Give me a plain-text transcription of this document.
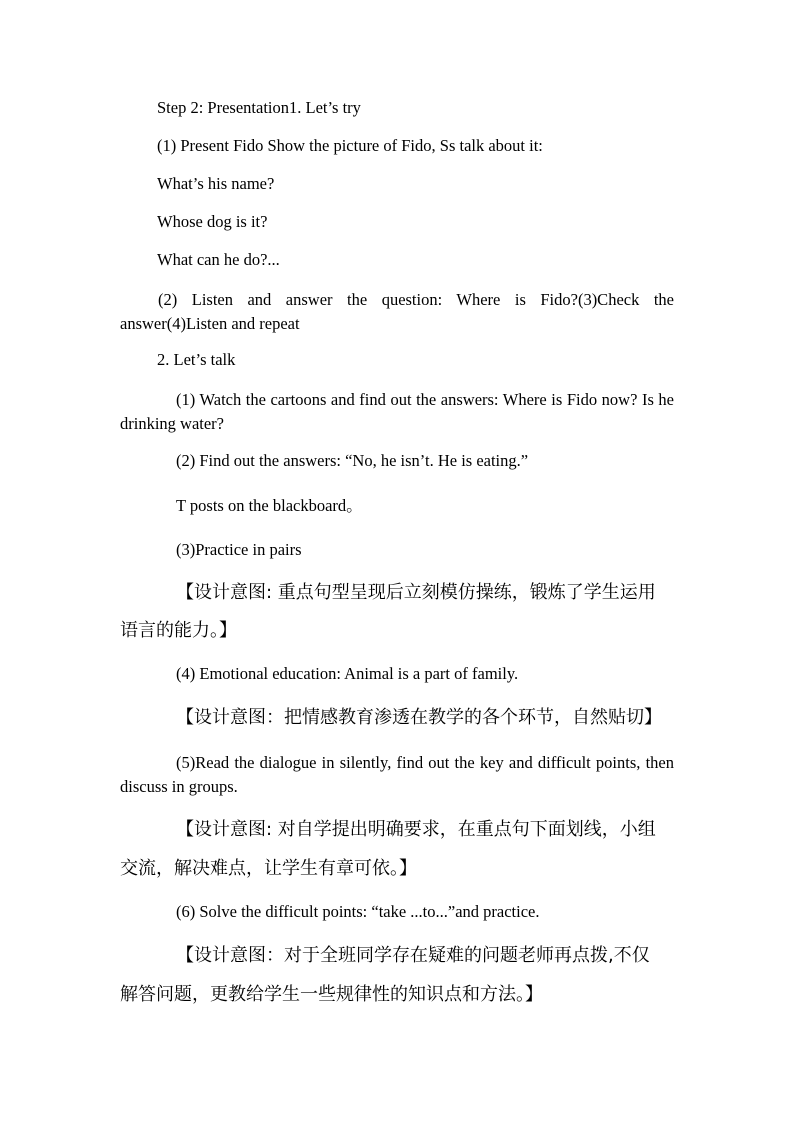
Step 2: Presentation1. Let’s try
(1) Present Fido Show the picture of Fido, Ss talk about it:
What’s his name?
Whose dog is it?
What can he do?...
(2) Listen and answer the question: Where is Fido?(3)Check the answer(4)Listen and repeat
2. Let’s talk
(1) Watch the cartoons and find out the answers: Where is Fido now? Is he drinking water?
(2) Find out the answers: “No, he isn’t. He is eating.”
T posts on the blackboard。
(3)Practice in pairs
【设计意图: 重点句型呈现后立刻模仿操练，锻炼了学生运用
语言的能力。】
(4) Emotional education: Animal is a part of family.
【设计意图：把情感教育渗透在教学的各个环节，自然贴切】
(5)Read the dialogue in silently, find out the key and difficult points, then discuss in groups.
【设计意图: 对自学提出明确要求，在重点句下面划线，小组
交流，解决难点，让学生有章可依。】
(6) Solve the difficult points: “take ...to...”and practice.
【设计意图：对于全班同学存在疑难的问题老师再点拨,不仅
解答问题，更教给学生一些规律性的知识点和方法。】
